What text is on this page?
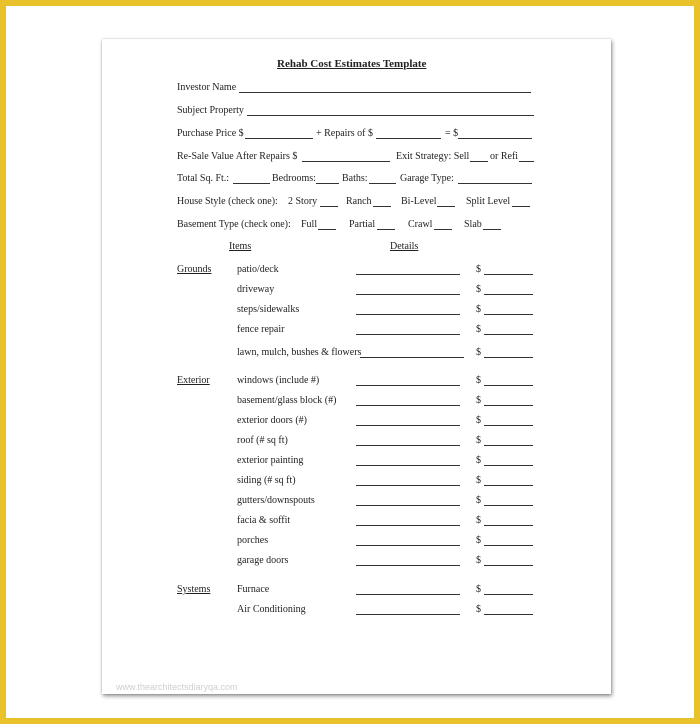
Rehab Cost Estimates Template
Investor Name
Subject Property
Purchase Price $	+ Repairs of $	= $
Re-Sale Value After Repairs $	Exit Strategy: Sell or Refi
Total Sq. Ft.:	Bedrooms:	Baths:	Garage Type:
House Style (check one): 2 Story	Ranch	Bi-Level	Split Level
Basement Type (check one): Full	Partial	Crawl	Slab
Items	Details
Grounds	patio/deck	$
driveway	$
steps/sidewalks	$
fence repair	$
lawn, mulch, bushes & flowers	$
Exterior	windows (include #)	$
basement/glass block (#)	$
exterior doors (#)	$
roof (# sq ft)	$
exterior painting	$
siding (# sq ft)	$
gutters/downspouts	$
facia & soffit	$
porches	$
garage doors	$
Systems	Furnace	$
Air Conditioning	$
www.thearchitectsdiaryqa.com
